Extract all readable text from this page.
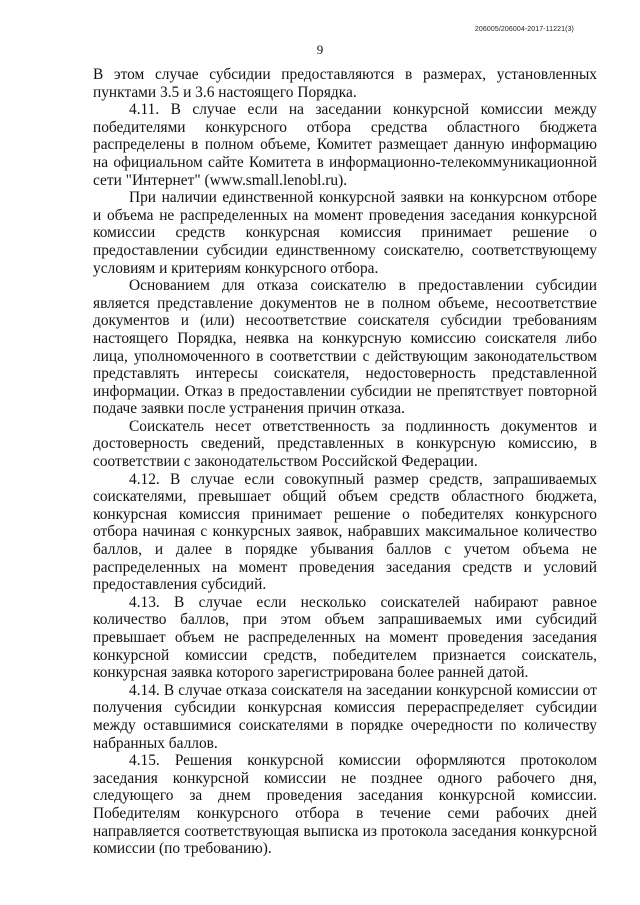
206005/206004-2017-11221(3)
9

В этом случае субсидии предоставляются в размерах, установленных пунктами 3.5 и 3.6 настоящего Порядка.

4.11. В случае если на заседании конкурсной комиссии между победителями конкурсного отбора средства областного бюджета распределены в полном объеме, Комитет размещает данную информацию на официальном сайте Комитета в информационно-телекоммуникационной сети "Интернет" (www.small.lenobl.ru).

При наличии единственной конкурсной заявки на конкурсном отборе и объема не распределенных на момент проведения заседания конкурсной комиссии средств конкурсная комиссия принимает решение о предоставлении субсидии единственному соискателю, соответствующему условиям и критериям конкурсного отбора.

Основанием для отказа соискателю в предоставлении субсидии является представление документов не в полном объеме, несоответствие документов и (или) несоответствие соискателя субсидии требованиям настоящего Порядка, неявка на конкурсную комиссию соискателя либо лица, уполномоченного в соответствии с действующим законодательством представлять интересы соискателя, недостоверность представленной информации. Отказ в предоставлении субсидии не препятствует повторной подаче заявки после устранения причин отказа.

Соискатель несет ответственность за подлинность документов и достоверность сведений, представленных в конкурсную комиссию, в соответствии с законодательством Российской Федерации.

4.12. В случае если совокупный размер средств, запрашиваемых соискателями, превышает общий объем средств областного бюджета, конкурсная комиссия принимает решение о победителях конкурсного отбора начиная с конкурсных заявок, набравших максимальное количество баллов, и далее в порядке убывания баллов с учетом объема не распределенных на момент проведения заседания средств и условий предоставления субсидий.

4.13. В случае если несколько соискателей набирают равное количество баллов, при этом объем запрашиваемых ими субсидий превышает объем не распределенных на момент проведения заседания конкурсной комиссии средств, победителем признается соискатель, конкурсная заявка которого зарегистрирована более ранней датой.

4.14. В случае отказа соискателя на заседании конкурсной комиссии от получения субсидии конкурсная комиссия перераспределяет субсидии между оставшимися соискателями в порядке очередности по количеству набранных баллов.

4.15. Решения конкурсной комиссии оформляются протоколом заседания конкурсной комиссии не позднее одного рабочего дня, следующего за днем проведения заседания конкурсной комиссии. Победителям конкурсного отбора в течение семи рабочих дней направляется соответствующая выписка из протокола заседания конкурсной комиссии (по требованию).
